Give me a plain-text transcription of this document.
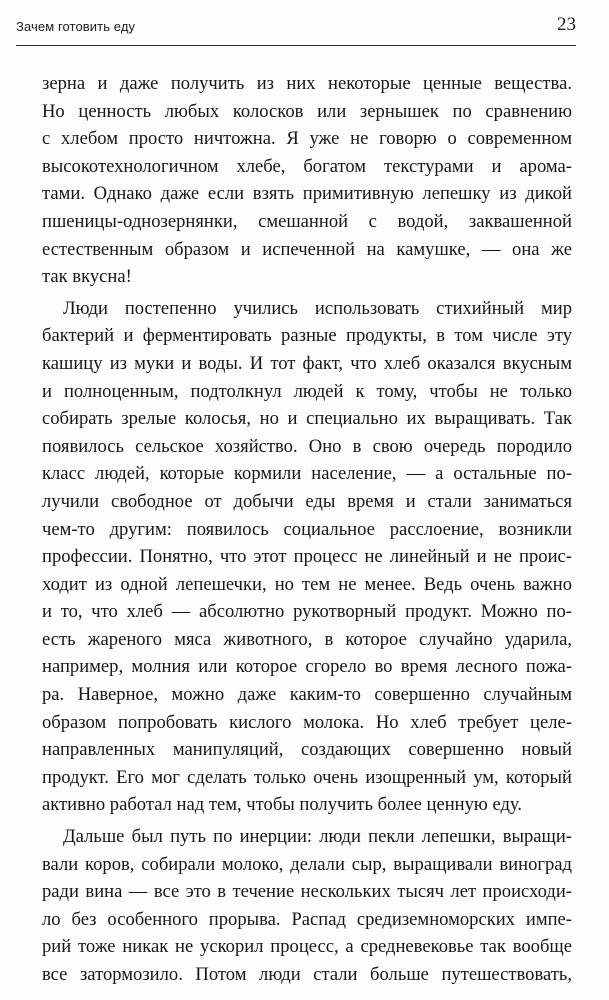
Зачем готовить еду	23
зерна и даже получить из них некоторые ценные вещества.
Но ценность любых колосков или зернышек по сравнению
с хлебом просто ничтожна. Я уже не говорю о современном
высокотехнологичном хлебе, богатом текстурами и арома-
тами. Однако даже если взять примитивную лепешку из дикой
пшеницы-однозернянки, смешанной с водой, заквашенной
естественным образом и испеченной на камушке, — она же
так вкусна!
Люди постепенно учились использовать стихийный мир
бактерий и ферментировать разные продукты, в том числе эту
кашицу из муки и воды. И тот факт, что хлеб оказался вкусным
и полноценным, подтолкнул людей к тому, чтобы не только
собирать зрелые колосья, но и специально их выращивать. Так
появилось сельское хозяйство. Оно в свою очередь породило
класс людей, которые кормили население, — а остальные по-
лучили свободное от добычи еды время и стали заниматься
чем-то другим: появилось социальное расслоение, возникли
профессии. Понятно, что этот процесс не линейный и не проис-
ходит из одной лепешечки, но тем не менее. Ведь очень важно
и то, что хлеб — абсолютно рукотворный продукт. Можно по-
есть жареного мяса животного, в которое случайно ударила,
например, молния или которое сгорело во время лесного пожа-
ра. Наверное, можно даже каким-то совершенно случайным
образом попробовать кислого молока. Но хлеб требует целе-
направленных манипуляций, создающих совершенно новый
продукт. Его мог сделать только очень изощренный ум, который
активно работал над тем, чтобы получить более ценную еду.
Дальше был путь по инерции: люди пекли лепешки, выращи-
вали коров, собирали молоко, делали сыр, выращивали виноград
ради вина — все это в течение нескольких тысяч лет происходи-
ло без особенного прорыва. Распад средиземноморских импе-
рий тоже никак не ускорил процесс, а средневековье так вообще
все затормозило. Потом люди стали больше путешествовать,
